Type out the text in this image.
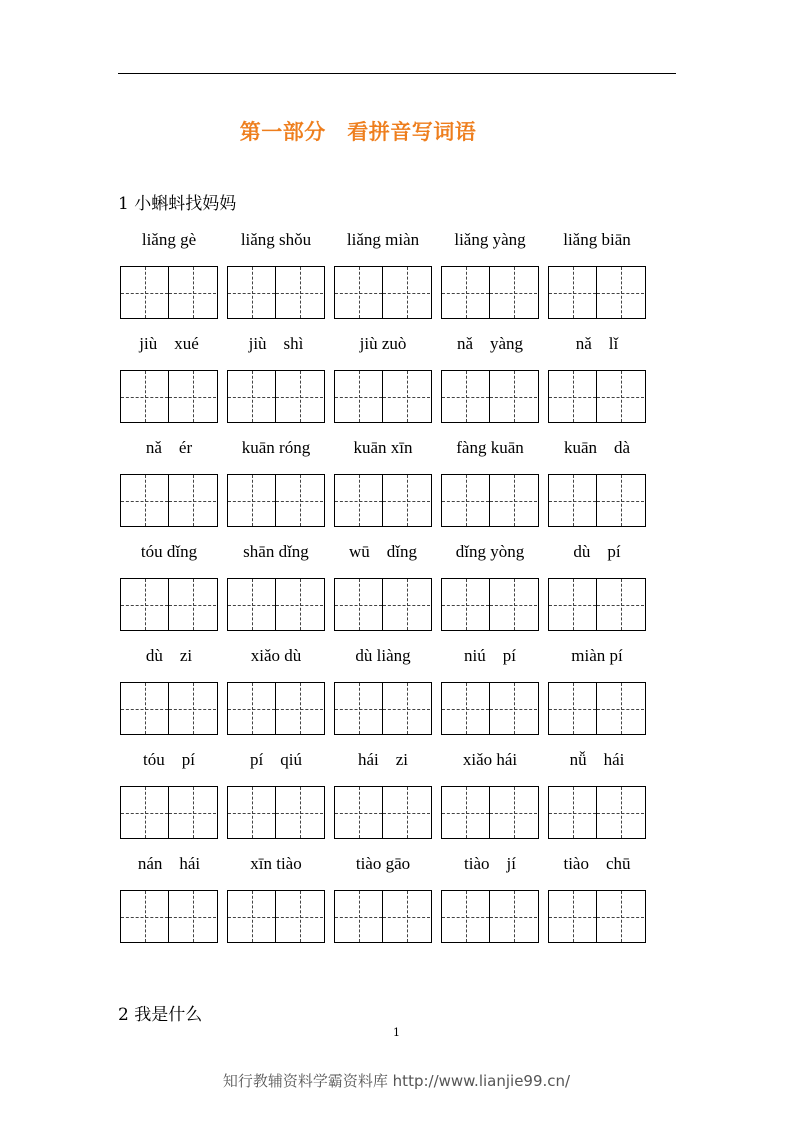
第一部分　看拼音写词语
1 小蝌蚪找妈妈
liǎng gè	liǎng shǒu	liǎng miàn	liǎng yàng	liǎng biān
jiù    xué	jiù    shì	jiù zuò	nǎ    yàng	nǎ    lǐ
nǎ    ér	kuān róng	kuān xīn	fàng kuān	kuān    dà
tóu dǐng	shān dǐng	wū    dǐng	dǐng yòng	dù    pí
dù    zi	xiǎo dù	dù liàng	niú    pí	miàn pí
tóu    pí	pí    qiú	hái    zi	xiǎo hái	nǚ    hái
nán    hái	xīn tiào	tiào gāo	tiào    jí	tiào    chū
2 我是什么
1
知行教辅资料学霸资料库 http://www.lianjie99.cn/
